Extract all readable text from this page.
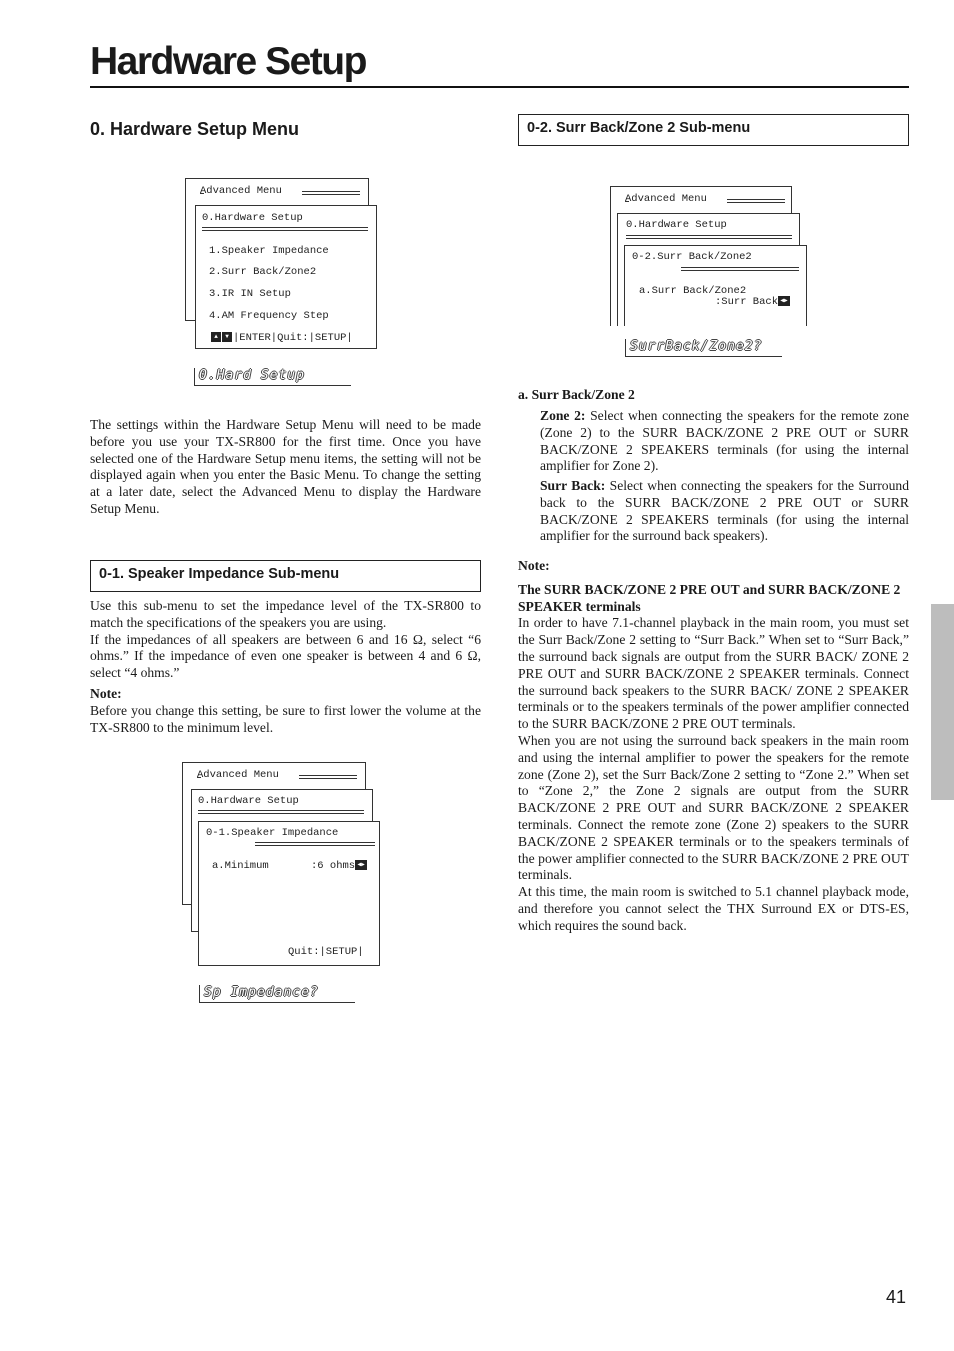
Hardware Setup
0. Hardware Setup Menu
Advanced Menu
0.Hardware Setup
1.Speaker Impedance
2.Surr Back/Zone2
3.IR IN Setup
4.AM Frequency Step
▲ ▼ |ENTER|Quit:|SETUP|
0.Hard Setup
The settings within the Hardware Setup Menu will need to be made before you use your TX-SR800 for the first time. Once you have selected one of the Hardware Setup menu items, the setting will not be displayed again when you enter the Basic Menu. To change the setting at a later date, select the Advanced Menu to display the Hardware Setup Menu.
0-1. Speaker Impedance Sub-menu

Use this sub-menu to set the impedance level of the TX-SR800 to match the specifications of the speakers you are using.

If the impedances of all speakers are between 6 and 16 Ω, select “6 ohms.” If the impedance of even one speaker is between 4 and 6 Ω, select “4 ohms.”

Note:

Before you change this setting, be sure to first lower the volume at the TX-SR800 to the minimum level.

Advanced Menu
0.Hardware Setup
0-1.Speaker Impedance
a.Minimum	:6 ohms ◀▶
Quit:|SETUP|
Sp Impedance?
0-2. Surr Back/Zone 2 Sub-menu
Advanced Menu
0.Hardware Setup
0-2.Surr Back/Zone2
a.Surr Back/Zone2
:Surr Back ◀▶
SurrBack/Zone2?
a. Surr Back/Zone 2
Zone 2: Select when connecting the speakers for the remote zone (Zone 2) to the SURR BACK/ZONE 2 PRE OUT or SURR BACK/ZONE 2 SPEAKERS terminals (for using the internal amplifier for Zone 2).
Surr Back: Select when connecting the speakers for the Surround back to the SURR BACK/ZONE 2 PRE OUT or SURR BACK/ZONE 2 SPEAKERS terminals (for using the internal amplifier for the surround back speakers).

Note:

The SURR BACK/ZONE 2 PRE OUT and SURR BACK/ZONE 2 SPEAKER terminals

In order to have 7.1-channel playback in the main room, you must set the Surr Back/Zone 2 setting to “Surr Back.” When set to “Surr Back,” the surround back signals are output from the SURR BACK/ ZONE 2 PRE OUT and SURR BACK/ZONE 2 SPEAKER terminals. Connect the surround back speakers to the SURR BACK/ ZONE 2 SPEAKER terminals or to the speakers terminals of the power amplifier connected to the SURR BACK/ZONE 2 PRE OUT terminals.

When you are not using the surround back speakers in the main room and using the internal amplifier to power the speakers for the remote zone (Zone 2), set the Surr Back/Zone 2 setting to “Zone 2.” When set to “Zone 2,” the Zone 2 signals are output from the SURR BACK/ZONE 2 PRE OUT and SURR BACK/ZONE 2 SPEAKER terminals. Connect the remote zone (Zone 2) speakers to the SURR BACK/ZONE 2 SPEAKER terminals or to the speakers terminals of the power amplifier connected to the SURR BACK/ZONE 2 PRE OUT terminals.

At this time, the main room is switched to 5.1 channel playback mode, and therefore you cannot select the THX Surround EX or DTS-ES, which requires the sound back.

41
